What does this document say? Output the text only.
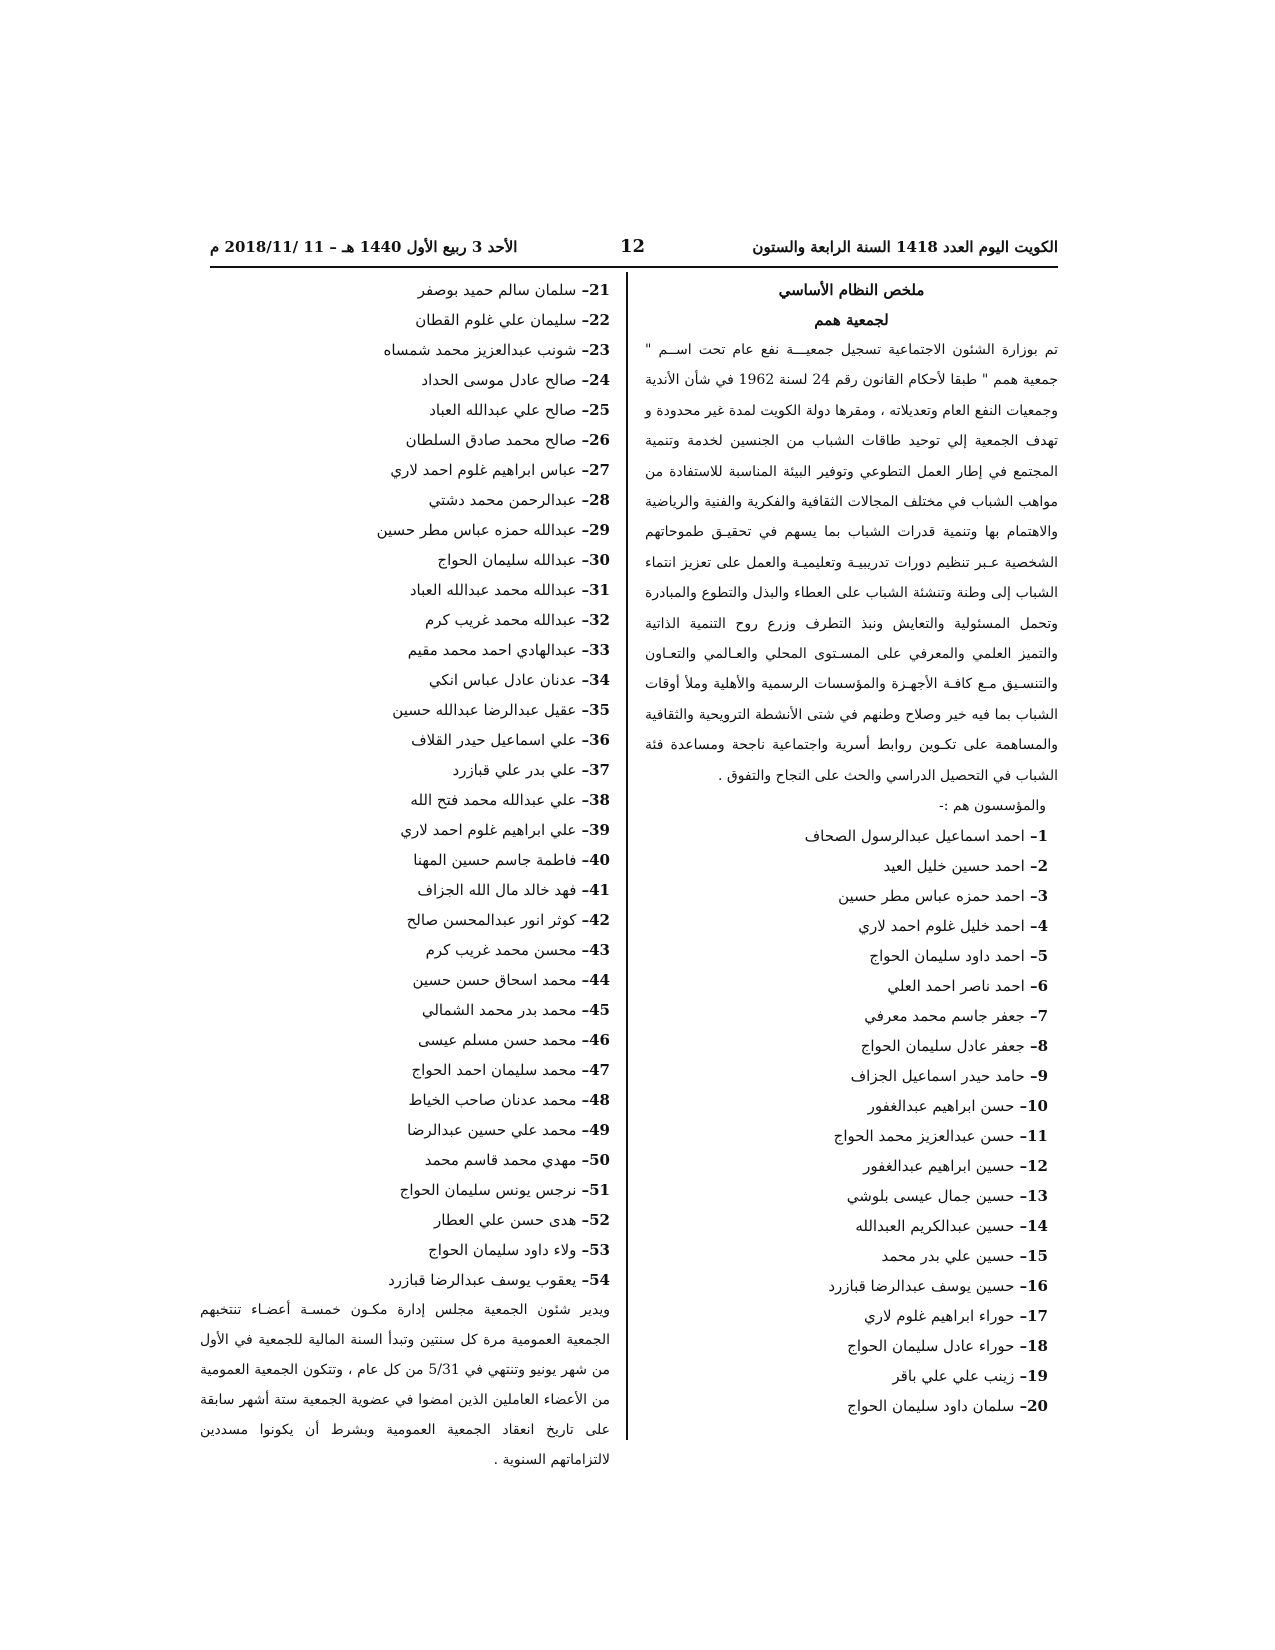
الكويت اليوم العدد 1418 السنة الرابعة والستون
12
الأحد 3 ربيع الأول 1440 هـ – 11 /2018/11 م
ملخص النظام الأساسي
لجمعية همم

تم بوزارة الشئون الاجتماعية تسجيل جمعيـــة نفع عام تحت اســم " جمعية همم " طبقا لأحكام القانون رقم 24 لسنة 1962 في شأن الأندية وجمعيات النفع العام وتعديلاته ، ومقرها دولة الكويت لمدة غير محدودة و تهدف الجمعية إلي توحيد طاقات الشباب من الجنسين لخدمة وتنمية المجتمع في إطار العمل التطوعي وتوفير البيئة المناسبة للاستفادة من مواهب الشباب في مختلف المجالات الثقافية والفكرية والفنية والرياضية والاهتمام بها وتنمية قدرات الشباب بما يسهم في تحقيـق طموحاتهم الشخصية عـبر تنظيم دورات تدريبيـة وتعليميـة والعمل على تعزيز انتماء الشباب إلى وطنة وتنشئة الشباب على العطاء والبذل والتطوع والمبادرة وتحمل المسئولية والتعايش ونبذ التطرف وزرع روح التنمية الذاتية والتميز العلمي والمعرفي على المسـتوى المحلي والعـالمي والتعـاون والتنسـيق مـع كافـة الأجهـزة والمؤسسات الرسمية والأهلية وملأ أوقات الشباب بما فيه خير وصلاح وطنهم في شتى الأنشطة الترويحية والثقافية والمساهمة على تكـوين روابط أسرية واجتماعية ناجحة ومساعدة فئة الشباب في التحصيل الدراسي والحث على النجاح والتفوق .

والمؤسسون هم :-
1– احمد اسماعيل عبدالرسول الصحاف
2– احمد حسين خليل العيد
3– احمد حمزه عباس مطر حسين
4– احمد خليل غلوم احمد لاري
5– احمد داود سليمان الحواج
6– احمد ناصر احمد العلي
7– جعفر جاسم محمد معرفي
8– جعفر عادل سليمان الحواج
9– حامد حيدر اسماعيل الجزاف
10– حسن ابراهيم عبدالغفور
11– حسن عبدالعزيز محمد الحواج
12– حسين ابراهيم عبدالغفور
13– حسين جمال عيسى بلوشي
14– حسين عبدالكريم العبدالله
15– حسين علي بدر محمد
16– حسين يوسف عبدالرضا قبازرد
17– حوراء ابراهيم غلوم لاري
18– حوراء عادل سليمان الحواج
19– زينب علي علي باقر
20– سلمان داود سليمان الحواج
21– سلمان سالم حميد بوصفر
22– سليمان علي غلوم القطان
23– شونب عبدالعزيز محمد شمساه
24– صالح عادل موسى الحداد
25– صالح علي عبدالله العباد
26– صالح محمد صادق السلطان
27– عباس ابراهيم غلوم احمد لاري
28– عبدالرحمن محمد دشتي
29– عبدالله حمزه عباس مطر حسين
30– عبدالله سليمان الحواج
31– عبدالله محمد عبدالله العباد
32– عبدالله محمد غريب كرم
33– عبدالهادي احمد محمد مقيم
34– عدنان عادل عباس انكي
35– عقيل عبدالرضا عبدالله حسين
36– علي اسماعيل حيدر القلاف
37– علي بدر علي قبازرد
38– علي عبدالله محمد فتح الله
39– علي ابراهيم غلوم احمد لاري
40– فاطمة جاسم حسين المهنا
41– فهد خالد مال الله الجزاف
42– كوثر انور عبدالمحسن صالح
43– محسن محمد غريب كرم
44– محمد اسحاق حسن حسين
45– محمد بدر محمد الشمالي
46– محمد حسن مسلم عيسى
47– محمد سليمان احمد الحواج
48– محمد عدنان صاحب الخياط
49– محمد علي حسين عبدالرضا
50– مهدي محمد قاسم محمد
51– نرجس يونس سليمان الحواج
52– هدى حسن علي العطار
53– ولاء داود سليمان الحواج
54– يعقوب يوسف عبدالرضا قبازرد

ويدير شئون الجمعية مجلس إدارة مكـون خمسـة أعضـاء تنتخبهم الجمعية العمومية مرة كل سنتين وتبدأ السنة المالية للجمعية في الأول من شهر يونيو وتنتهي في 5/31 من كل عام ، وتتكون الجمعية العمومية من الأعضاء العاملين الذين امضوا في عضوية الجمعية ستة أشهر سابقة على تاريخ انعقاد الجمعية العمومية وبشرط أن يكونوا مسددين لالتزاماتهم السنوية .
